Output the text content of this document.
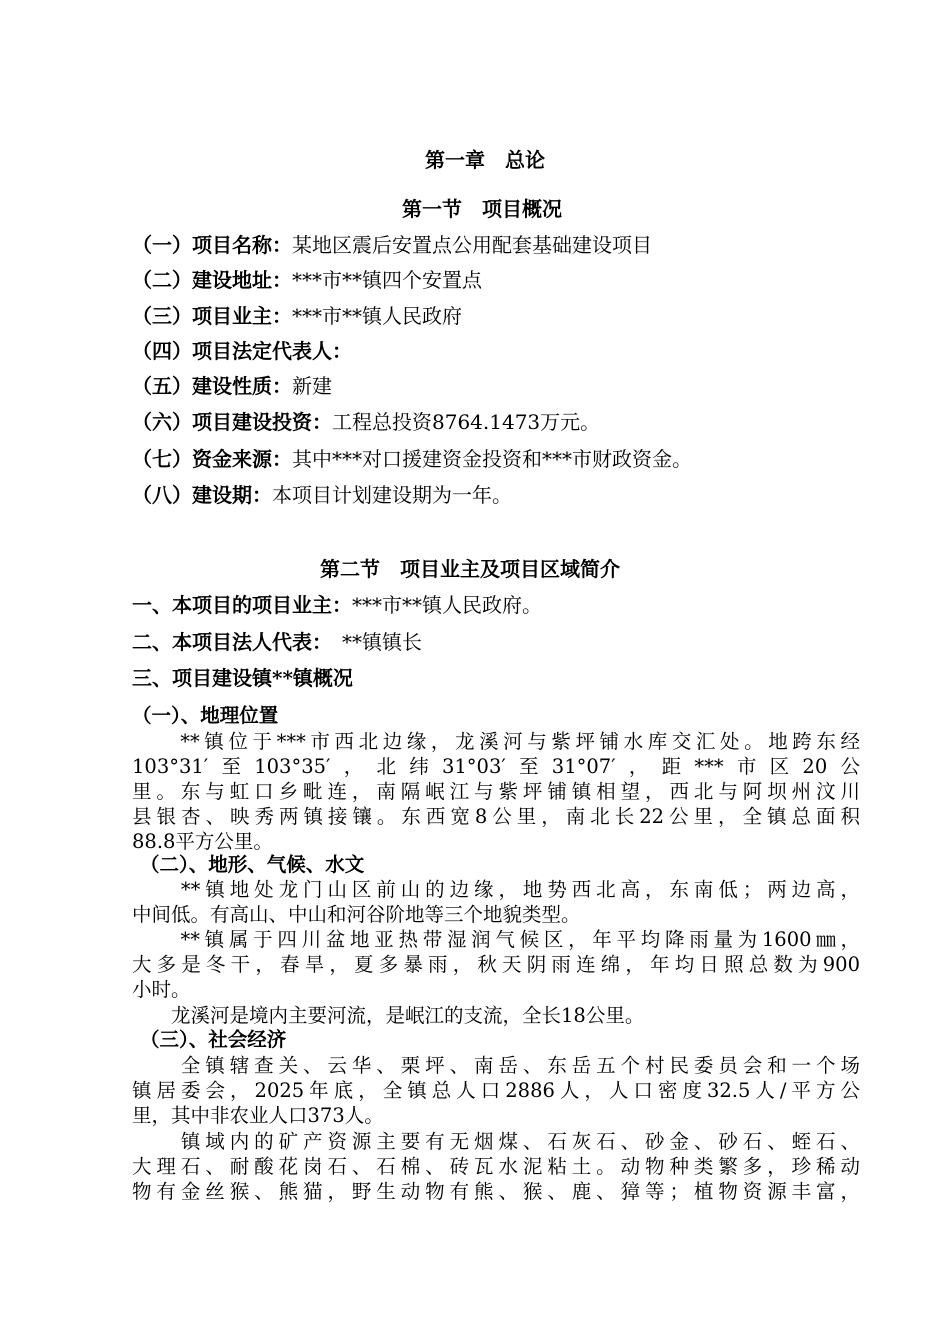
第一章　总论
第一节　项目概况
（一）项目名称：某地区震后安置点公用配套基础建设项目
（二）建设地址：***市**镇四个安置点
（三）项目业主：***市**镇人民政府
（四）项目法定代表人：
（五）建设性质：新建
（六）项目建设投资：工程总投资8764.1473万元。
（七）资金来源：其中***对口援建资金投资和***市财政资金。
（八）建设期：本项目计划建设期为一年。
第二节　项目业主及项目区域简介
一、本项目的项目业主：***市**镇人民政府。
二、本项目法人代表：　**镇镇长
三、项目建设镇**镇概况
（一）、地理位置
　　**镇位于***市西北边缘，龙溪河与紫坪铺水库交汇处。地跨东经
103°31′至103°35′，北纬31°03′至31°07′，距***市区20公
里。东与虹口乡毗连，南隔岷江与紫坪铺镇相望，西北与阿坝州汶川
县银杏、映秀两镇接镶。东西宽8公里，南北长22公里，全镇总面积
88.8平方公里。
（二）、地形、气候、水文
　　**镇地处龙门山区前山的边缘，地势西北高，东南低；两边高，
中间低。有高山、中山和河谷阶地等三个地貌类型。
　　**镇属于四川盆地亚热带湿润气候区，年平均降雨量为1600㎜，
大多是冬干，春旱，夏多暴雨，秋天阴雨连绵，年均日照总数为900
小时。
　　龙溪河是境内主要河流，是岷江的支流，全长18公里。
（三）、社会经济
　　全镇辖查关、云华、栗坪、南岳、东岳五个村民委员会和一个场
镇居委会，2025年底，全镇总人口2886人，人口密度32.5人/平方公
里，其中非农业人口373人。
　　镇域内的矿产资源主要有无烟煤、石灰石、砂金、砂石、蛭石、
大理石、耐酸花岗石、石棉、砖瓦水泥粘土。动物种类繁多，珍稀动
物有金丝猴、熊猫，野生动物有熊、猴、鹿、獐等；植物资源丰富，
